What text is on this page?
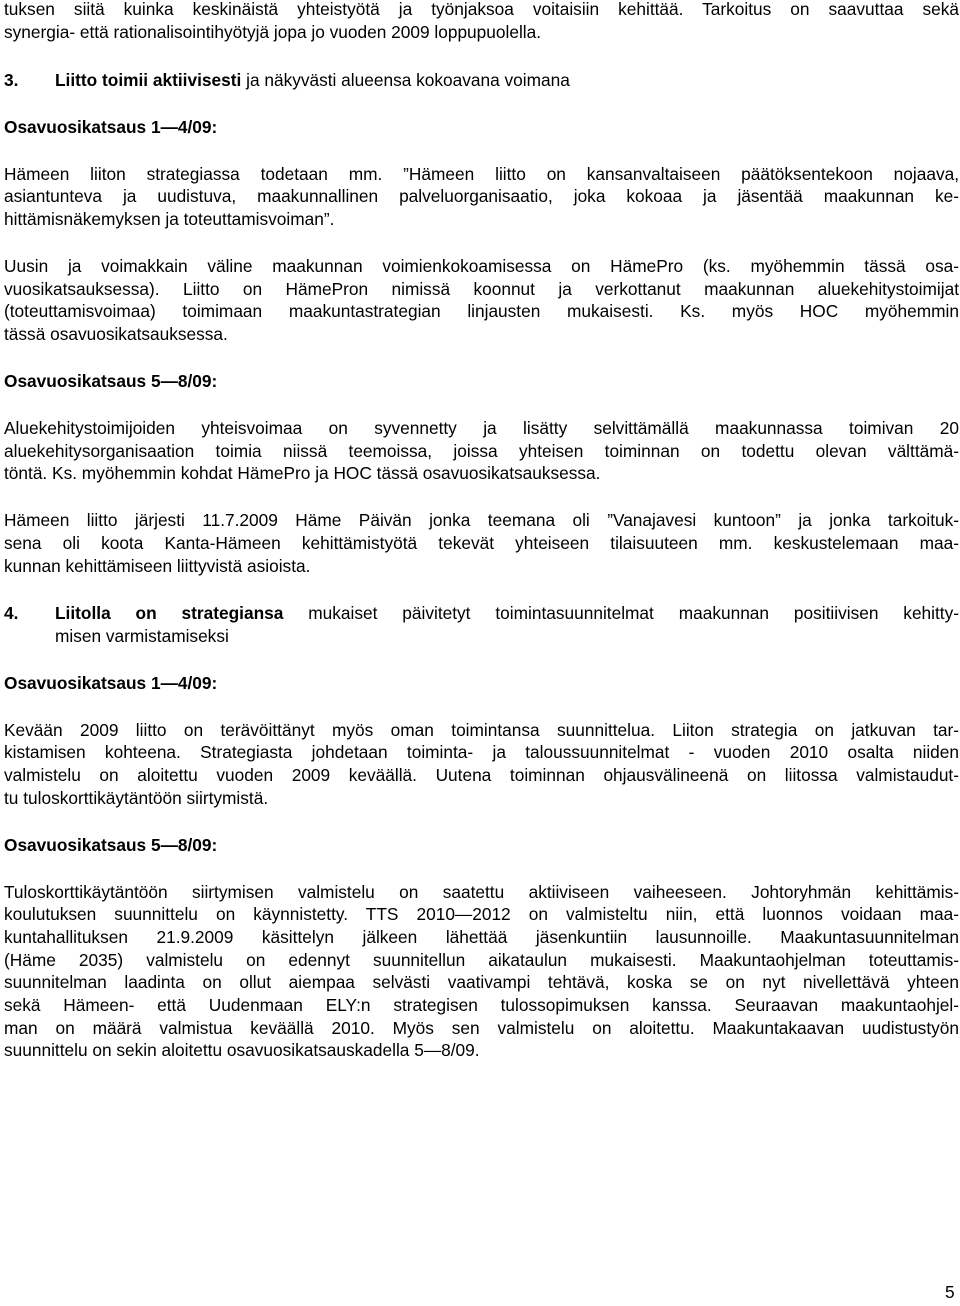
tuksen siitä kuinka keskinäistä yhteistyötä ja työnjaksoa voitaisiin kehittää. Tarkoitus on saavuttaa sekä
synergia- että rationalisointihyötyjä jopa jo vuoden 2009 loppupuolella.
3. Liitto toimii aktiivisesti ja näkyvästi alueensa kokoavana voimana
Osavuosikatsaus 1—4/09:
Hämeen liiton strategiassa todetaan mm. ”Hämeen liitto on kansanvaltaiseen päätöksentekoon nojaava,
asiantunteva ja uudistuva, maakunnallinen palveluorganisaatio, joka kokoaa ja jäsentää maakunnan ke-
hittämisnäkemyksen ja toteuttamisvoiman”.
Uusin ja voimakkain väline maakunnan voimienkokoamisessa on HämePro (ks. myöhemmin tässä osa-
vuosikatsauksessa). Liitto on HämePron nimissä koonnut ja verkottanut maakunnan aluekehitystoimijat
(toteuttamisvoimaa) toimimaan maakuntastrategian linjausten mukaisesti. Ks. myös HOC myöhemmin
tässä osavuosikatsauksessa.
Osavuosikatsaus 5—8/09:
Aluekehitystoimijoiden yhteisvoimaa on syvennetty ja lisätty selvittämällä maakunnassa toimivan 20
aluekehitysorganisaation toimia niissä teemoissa, joissa yhteisen toiminnan on todettu olevan välttämä-
töntä. Ks. myöhemmin kohdat HämePro ja HOC tässä osavuosikatsauksessa.
Hämeen liitto järjesti 11.7.2009 Häme Päivän jonka teemana oli ”Vanajavesi kuntoon” ja jonka tarkoituk-
sena oli koota Kanta-Hämeen kehittämistyötä tekevät yhteiseen tilaisuuteen mm. keskustelemaan maa-
kunnan kehittämiseen liittyvistä asioista.
4. Liitolla on strategiansa mukaiset päivitetyt toimintasuunnitelmat maakunnan positiivisen kehitty-
misen varmistamiseksi
Osavuosikatsaus 1—4/09:
Kevään 2009 liitto on terävöittänyt myös oman toimintansa suunnittelua. Liiton strategia on jatkuvan tar-
kistamisen kohteena. Strategiasta johdetaan toiminta- ja taloussuunnitelmat - vuoden 2010 osalta niiden
valmistelu on aloitettu vuoden 2009 keväällä. Uutena toiminnan ohjausvälineenä on liitossa valmistaudut-
tu tuloskorttikäytäntöön siirtymistä.
Osavuosikatsaus 5—8/09:
Tuloskorttikäytäntöön siirtymisen valmistelu on saatettu aktiiviseen vaiheeseen. Johtoryhmän kehittämis-
koulutuksen suunnittelu on käynnistetty. TTS 2010—2012 on valmisteltu niin, että luonnos voidaan maa-
kuntahallituksen 21.9.2009 käsittelyn jälkeen lähettää jäsenkuntiin lausunnoille. Maakuntasuunnitelman
(Häme 2035) valmistelu on edennyt suunnitellun aikataulun mukaisesti. Maakuntaohjelman toteuttamis-
suunnitelman laadinta on ollut aiempaa selvästi vaativampi tehtävä, koska se on nyt nivellettävä yhteen
sekä Hämeen- että Uudenmaan ELY:n strategisen tulossopimuksen kanssa. Seuraavan maakuntaohjel-
man on määrä valmistua keväällä 2010. Myös sen valmistelu on aloitettu. Maakuntakaavan uudistustyön
suunnittelu on sekin aloitettu osavuosikatsauskadella 5—8/09.
5
